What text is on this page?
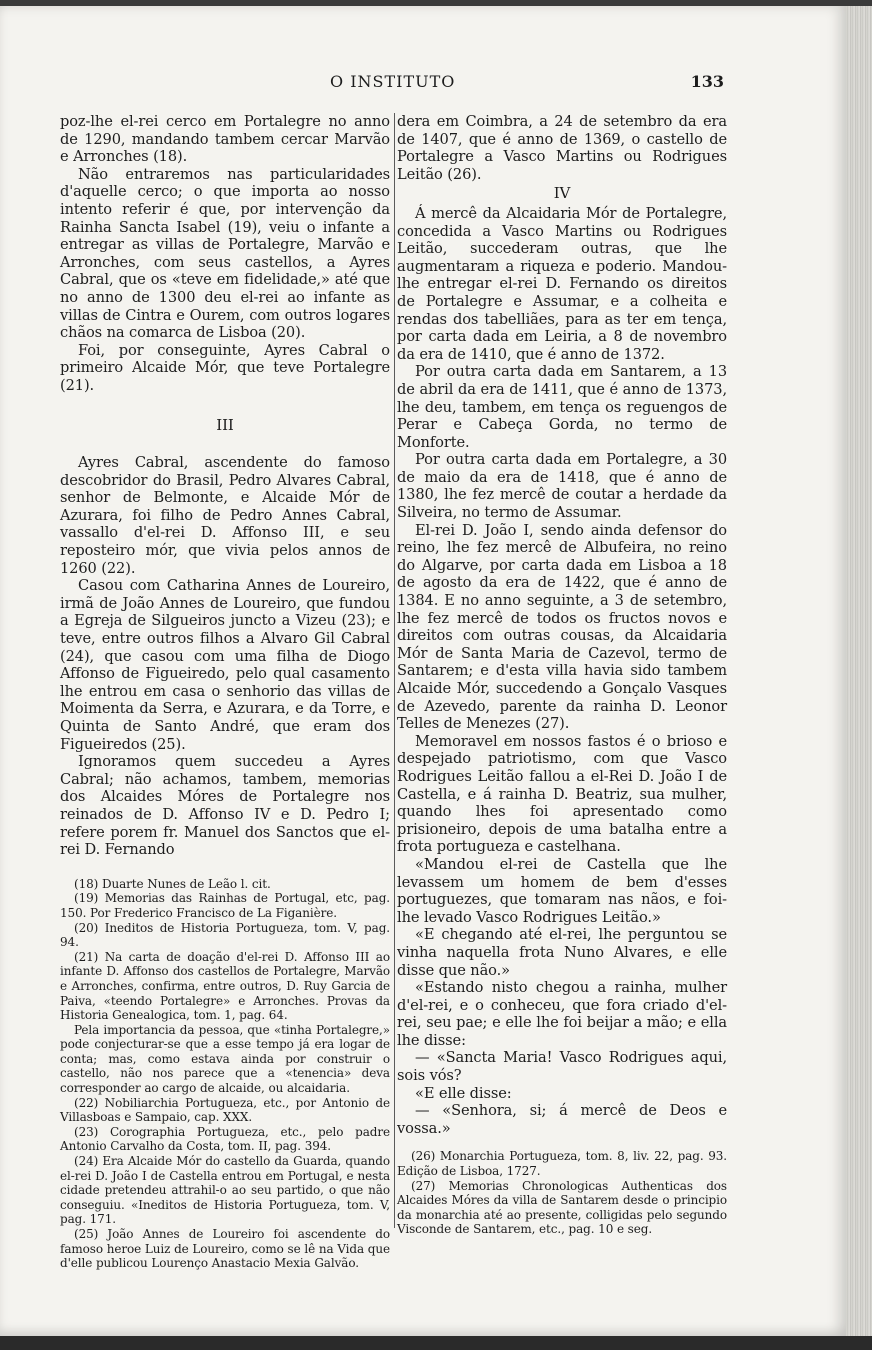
O INSTITUTO	133

poz-lhe el-rei cerco em Portalegre no anno de 1290, mandando tambem cercar Marvão e Arronches (18).

Não entraremos nas particularidades d'aquelle cerco; o que importa ao nosso intento referir é que, por intervenção da Rainha Sancta Isabel (19), veiu o infante a entregar as villas de Portalegre, Marvão e Arronches, com seus castellos, a Ayres Cabral, que os «teve em fidelidade,» até que no anno de 1300 deu el-rei ao infante as villas de Cintra e Ourem, com outros logares chãos na comarca de Lisboa (20).

Foi, por conseguinte, Ayres Cabral o primeiro Alcaide Mór, que teve Portalegre (21).

III

Ayres Cabral, ascendente do famoso descobridor do Brasil, Pedro Alvares Cabral, senhor de Belmonte, e Alcaide Mór de Azurara, foi filho de Pedro Annes Cabral, vassallo d'el-rei D. Affonso III, e seu reposteiro mór, que vivia pelos annos de 1260 (22).

Casou com Catharina Annes de Loureiro, irmã de João Annes de Loureiro, que fundou a Egreja de Silgueiros juncto a Vizeu (23); e teve, entre outros filhos a Alvaro Gil Cabral (24), que casou com uma filha de Diogo Affonso de Figueiredo, pelo qual casamento lhe entrou em casa o senhorio das villas de Moimenta da Serra, e Azurara, e da Torre, e Quinta de Santo André, que eram dos Figueiredos (25).

Ignoramos quem succedeu a Ayres Cabral; não achamos, tambem, memorias dos Alcaides Móres de Portalegre nos reinados de D. Affonso IV e D. Pedro I; refere porem fr. Manuel dos Sanctos que el-rei D. Fernando

(18) Duarte Nunes de Leão l. cit.

(19) Memorias das Rainhas de Portugal, etc, pag. 150. Por Frederico Francisco de La Figanière.

(20) Ineditos de Historia Portugueza, tom. V, pag. 94.

(21) Na carta de doação d'el-rei D. Affonso III ao infante D. Affonso dos castellos de Portalegre, Marvão e Arronches, confirma, entre outros, D. Ruy Garcia de Paiva, «teendo Portalegre» e Arronches. Provas da Historia Genealogica, tom. 1, pag. 64.

Pela importancia da pessoa, que «tinha Portalegre,» pode conjecturar-se que a esse tempo já era logar de conta; mas, como estava ainda por construir o castello, não nos parece que a «tenencia» deva corresponder ao cargo de alcaide, ou alcaidaria.

(22) Nobiliarchia Portugueza, etc., por Antonio de Villasboas e Sampaio, cap. XXX.

(23) Corographia Portugueza, etc., pelo padre Antonio Carvalho da Costa, tom. II, pag. 394.

(24) Era Alcaide Mór do castello da Guarda, quando el-rei D. João I de Castella entrou em Portugal, e nesta cidade pretendeu attrahil-o ao seu partido, o que não conseguiu. «Ineditos de Historia Portugueza, tom. V, pag. 171.

(25) João Annes de Loureiro foi ascendente do famoso heroe Luiz de Loureiro, como se lê na Vida que d'elle publicou Lourenço Anastacio Mexia Galvão.

dera em Coimbra, a 24 de setembro da era de 1407, que é anno de 1369, o castello de Portalegre a Vasco Martins ou Rodrigues Leitão (26).

IV

Á mercê da Alcaidaria Mór de Portalegre, concedida a Vasco Martins ou Rodrigues Leitão, succederam outras, que lhe augmentaram a riqueza e poderio. Mandou-lhe entregar el-rei D. Fernando os direitos de Portalegre e Assumar, e a colheita e rendas dos tabelliães, para as ter em tença, por carta dada em Leiria, a 8 de novembro da era de 1410, que é anno de 1372.

Por outra carta dada em Santarem, a 13 de abril da era de 1411, que é anno de 1373, lhe deu, tambem, em tença os reguengos de Perar e Cabeça Gorda, no termo de Monforte.

Por outra carta dada em Portalegre, a 30 de maio da era de 1418, que é anno de 1380, lhe fez mercê de coutar a herdade da Silveira, no termo de Assumar.

El-rei D. João I, sendo ainda defensor do reino, lhe fez mercê de Albufeira, no reino do Algarve, por carta dada em Lisboa a 18 de agosto da era de 1422, que é anno de 1384. E no anno seguinte, a 3 de setembro, lhe fez mercê de todos os fructos novos e direitos com outras cousas, da Alcaidaria Mór de Santa Maria de Cazevol, termo de Santarem; e d'esta villa havia sido tambem Alcaide Mór, succedendo a Gonçalo Vasques de Azevedo, parente da rainha D. Leonor Telles de Menezes (27).

Memoravel em nossos fastos é o brioso e despejado patriotismo, com que Vasco Rodrigues Leitão fallou a el-Rei D. João I de Castella, e á rainha D. Beatriz, sua mulher, quando lhes foi apresentado como prisioneiro, depois de uma batalha entre a frota portugueza e castelhana.

«Mandou el-rei de Castella que lhe levassem um homem de bem d'esses portuguezes, que tomaram nas nãos, e foi-lhe levado Vasco Rodrigues Leitão.»

«E chegando até el-rei, lhe perguntou se vinha naquella frota Nuno Alvares, e elle disse que não.»

«Estando nisto chegou a rainha, mulher d'el-rei, e o conheceu, que fora criado d'el-rei, seu pae; e elle lhe foi beijar a mão; e ella lhe disse:

— «Sancta Maria! Vasco Rodrigues aqui, sois vós?

«E elle disse:

— «Senhora, si; á mercê de Deos e vossa.»

(26) Monarchia Portugueza, tom. 8, liv. 22, pag. 93. Edição de Lisboa, 1727.

(27) Memorias Chronologicas Authenticas dos Alcaides Móres da villa de Santarem desde o principio da monarchia até ao presente, colligidas pelo segundo Visconde de Santarem, etc., pag. 10 e seg.
